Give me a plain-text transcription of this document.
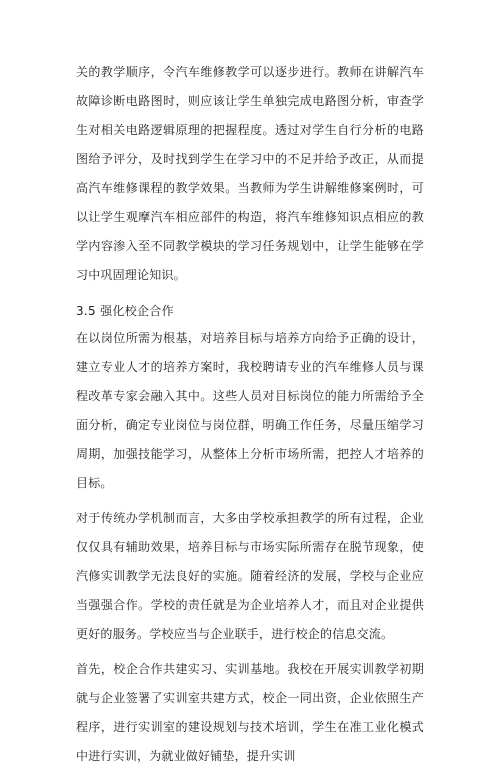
关的教学顺序，令汽车维修教学可以逐步进行。教师在讲解汽车故障诊断电路图时，则应该让学生单独完成电路图分析，审查学生对相关电路逻辑原理的把握程度。透过对学生自行分析的电路图给予评分，及时找到学生在学习中的不足并给予改正，从而提高汽车维修课程的教学效果。当教师为学生讲解维修案例时，可以让学生观摩汽车相应部件的构造，将汽车维修知识点相应的教学内容渗入至不同教学模块的学习任务规划中，让学生能够在学习中巩固理论知识。

3.5 强化校企合作

在以岗位所需为根基，对培养目标与培养方向给予正确的设计，建立专业人才的培养方案时，我校聘请专业的汽车维修人员与课程改革专家会融入其中。这些人员对目标岗位的能力所需给予全面分析，确定专业岗位与岗位群，明确工作任务，尽量压缩学习周期，加强技能学习，从整体上分析市场所需，把控人才培养的目标。

对于传统办学机制而言，大多由学校承担教学的所有过程，企业仅仅具有辅助效果，培养目标与市场实际所需存在脱节现象，使汽修实训教学无法良好的实施。随着经济的发展，学校与企业应当强强合作。学校的责任就是为企业培养人才，而且对企业提供更好的服务。学校应当与企业联手，进行校企的信息交流。

首先，校企合作共建实习、实训基地。我校在开展实训教学初期就与企业签署了实训室共建方式，校企一同出资，企业依照生产程序，进行实训室的建设规划与技术培训，学生在准工业化模式中进行实训，为就业做好铺垫，提升实训
